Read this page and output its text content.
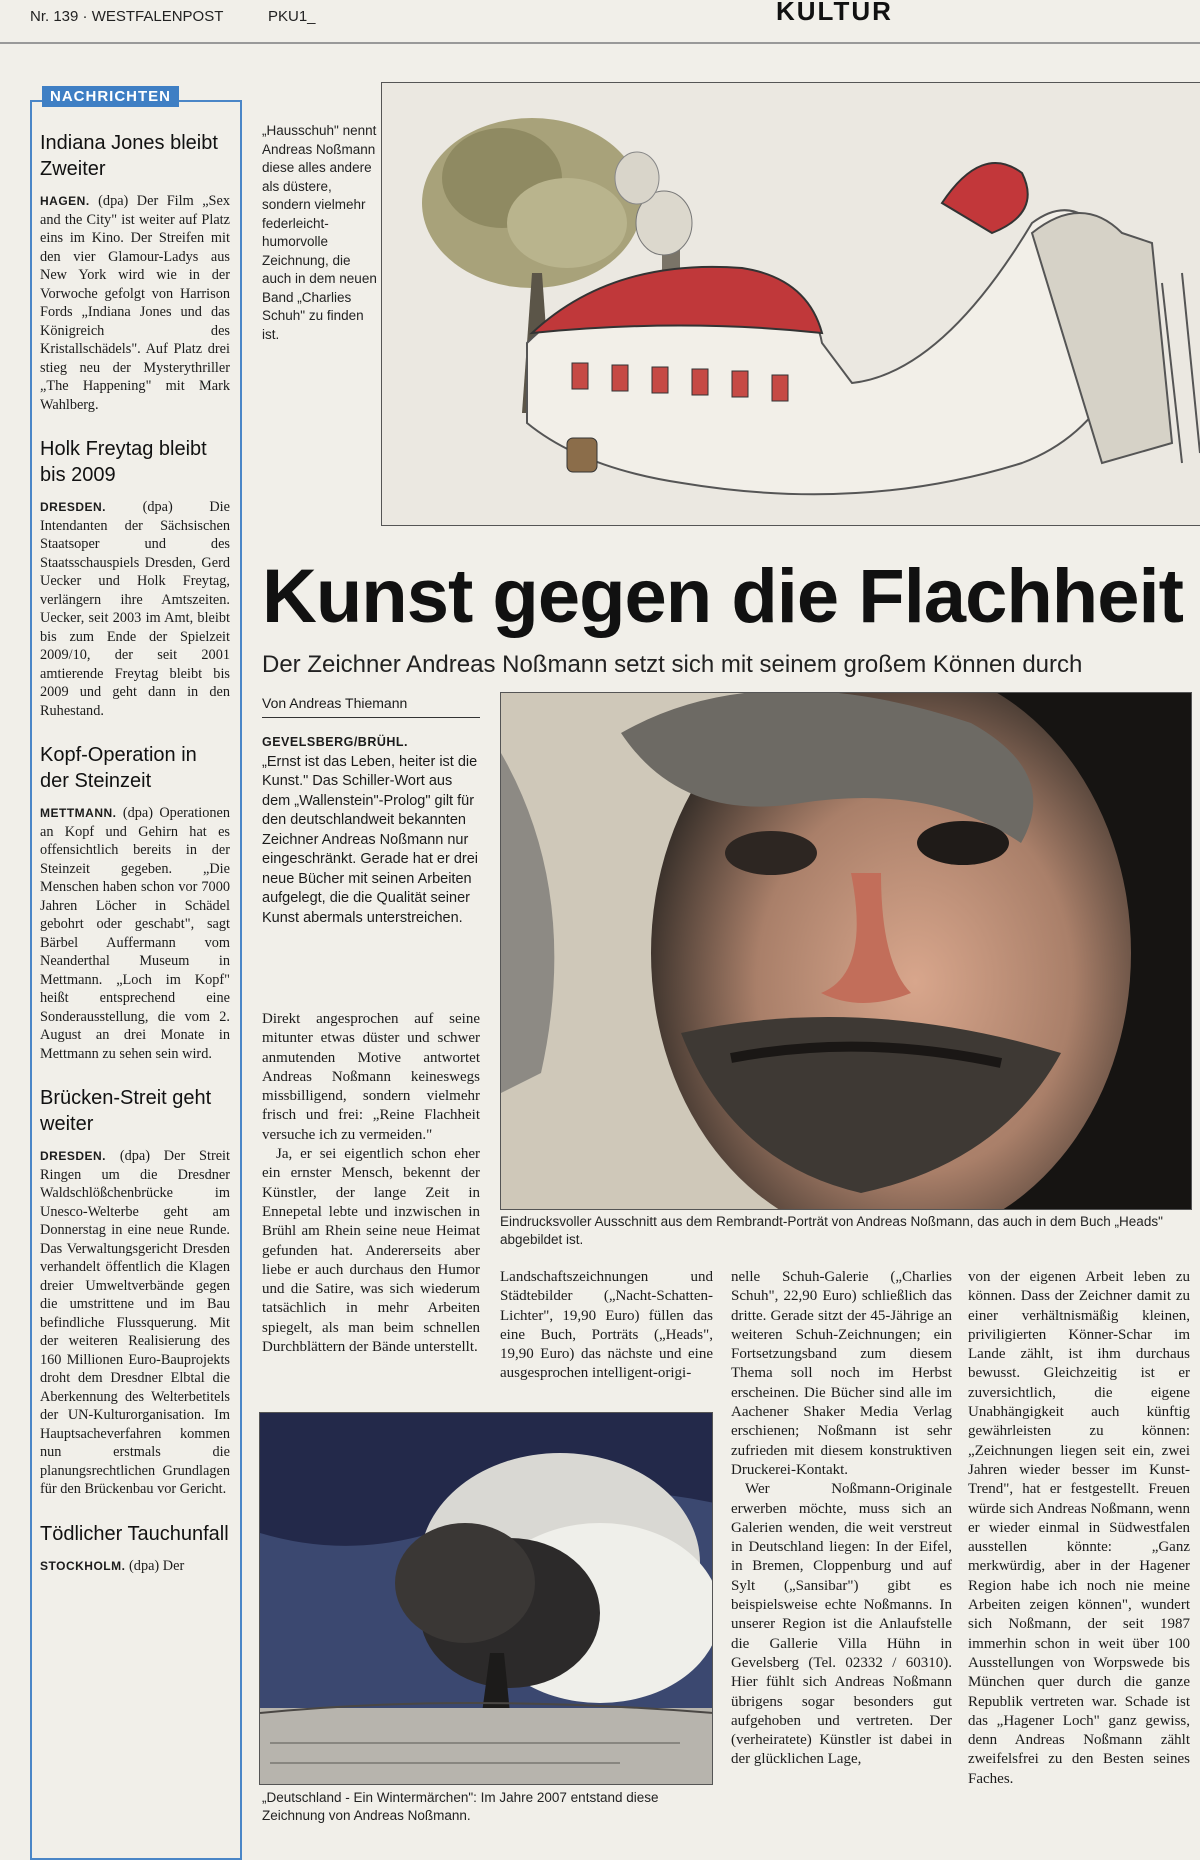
Nr. 139 · WESTFALENPOST	PKU1_	KULTUR
NACHRICHTEN
Indiana Jones bleibt Zweiter

HAGEN. (dpa) Der Film „Sex and the City" ist weiter auf Platz eins im Kino. Der Streifen mit den vier Glamour-Ladys aus New York wird wie in der Vorwoche gefolgt von Harrison Fords „Indiana Jones und das Königreich des Kristallschädels". Auf Platz drei stieg neu der Mysterythriller „The Happening" mit Mark Wahlberg.

Holk Freytag bleibt bis 2009

DRESDEN.	(dpa) Die Intendanten der Sächsischen Staatsoper und des Staatsschauspiels Dresden, Gerd Uecker und Holk Freytag, verlängern ihre Amtszeiten. Uecker, seit 2003 im Amt, bleibt bis zum Ende der Spielzeit 2009/10, der seit 2001 amtierende Freytag bleibt bis 2009 und geht dann in den Ruhestand.

Kopf-Operation in der Steinzeit

METTMANN. (dpa) Operationen an Kopf und Gehirn hat es offensichtlich bereits in der Steinzeit gegeben. „Die Menschen haben schon vor 7000 Jahren Löcher in Schädel gebohrt oder geschabt", sagt Bärbel Auffermann vom Neanderthal Museum in Mettmann. „Loch im Kopf" heißt entsprechend eine Sonderausstellung, die vom 2. August an drei Monate in Mettmann zu sehen sein wird.

Brücken-Streit geht weiter

DRESDEN. (dpa) Der Streit Ringen um die Dresdner Waldschlößchenbrücke im Unesco-Welterbe geht am Donnerstag in eine neue Runde. Das Verwaltungsgericht Dresden verhandelt öffentlich die Klagen dreier Umweltverbände gegen die umstrittene und im Bau befindliche Flussquerung. Mit der weiteren Realisierung des 160 Millionen Euro-Bauprojekts droht dem Dresdner Elbtal die Aberkennung des Welterbetitels der UN-Kulturorganisation. Im Hauptsacheverfahren kommen nun erstmals die planungsrechtlichen Grundlagen für den Brückenbau vor Gericht.

Tödlicher Tauchunfall

STOCKHOLM. (dpa) Der

„Hausschuh" nennt Andreas Noßmann diese alles andere als düstere, sondern vielmehr federleicht-humorvolle Zeichnung, die auch in dem neuen Band „Charlies Schuh" zu finden ist.
Kunst gegen die Flachheit
Der Zeichner Andreas Noßmann setzt sich mit seinem großem Können durch
Von Andreas Thiemann
GEVELSBERG/BRÜHL.
„Ernst ist das Leben, heiter ist die Kunst." Das Schiller-Wort aus dem „Wallenstein"-Prolog" gilt für den deutschlandweit bekannten Zeichner Andreas Noßmann nur eingeschränkt. Gerade hat er drei neue Bücher mit seinen Arbeiten aufgelegt, die die Qualität seiner Kunst abermals unterstreichen.

Direkt angesprochen auf seine mitunter etwas düster und schwer anmutenden Motive antwortet Andreas Noßmann keineswegs missbilligend, sondern vielmehr frisch und frei: „Reine Flachheit versuche ich zu vermeiden."

Ja, er sei eigentlich schon eher ein ernster Mensch, bekennt der Künstler, der lange Zeit in Ennepetal lebte und inzwischen in Brühl am Rhein seine neue Heimat gefunden hat. Andererseits aber liebe er auch durchaus den Humor und die Satire, was sich wiederum tatsächlich in mehr Arbeiten spiegelt, als man beim schnellen Durchblättern der Bände unterstellt.

Eindrucksvoller Ausschnitt aus dem Rembrandt-Porträt von Andreas Noßmann, das auch in dem Buch „Heads" abgebildet ist.

Landschaftszeichnungen und Städtebilder („Nacht-Schatten-Lichter", 19,90 Euro) füllen das eine Buch, Porträts („Heads", 19,90 Euro) das nächste und eine ausgesprochen intelligent-origi-

„Deutschland - Ein Wintermärchen": Im Jahre 2007 entstand diese Zeichnung von Andreas Noßmann.

nelle Schuh-Galerie („Charlies Schuh", 22,90 Euro) schließlich das dritte. Gerade sitzt der 45-Jährige an weiteren Schuh-Zeichnungen; ein Fortsetzungsband zum diesem Thema soll noch im Herbst erscheinen. Die Bücher sind alle im Aachener Shaker Media Verlag erschienen; Noßmann ist sehr zufrieden mit diesem konstruktiven Druckerei-Kontakt.

Wer Noßmann-Originale erwerben möchte, muss sich an Galerien wenden, die weit verstreut in Deutschland liegen: In der Eifel, in Bremen, Cloppenburg und auf Sylt („Sansibar") gibt es beispielsweise echte Noßmanns. In unserer Region ist die Anlaufstelle die Gallerie Villa Hühn in Gevelsberg (Tel. 02332 / 60310). Hier fühlt sich Andreas Noßmann übrigens sogar besonders gut aufgehoben und vertreten. Der (verheiratete) Künstler ist dabei in der glücklichen Lage,

von der eigenen Arbeit leben zu können. Dass der Zeichner damit zu einer verhältnismäßig kleinen, priviligierten Könner-Schar im Lande zählt, ist ihm durchaus bewusst. Gleichzeitig ist er zuversichtlich, die eigene Unabhängigkeit auch künftig gewährleisten zu können: „Zeichnungen liegen seit ein, zwei Jahren wieder besser im Kunst-Trend", hat er festgestellt. Freuen würde sich Andreas Noßmann, wenn er wieder einmal in Südwestfalen ausstellen könnte: „Ganz merkwürdig, aber in der Hagener Region habe ich noch nie meine Arbeiten zeigen können", wundert sich Noßmann, der seit 1987 immerhin schon in weit über 100 Ausstellungen von Worpswede bis München quer durch die ganze Republik vertreten war. Schade ist das „Hagener Loch" ganz gewiss, denn Andreas Noßmann zählt zweifelsfrei zu den Besten seines Faches.
